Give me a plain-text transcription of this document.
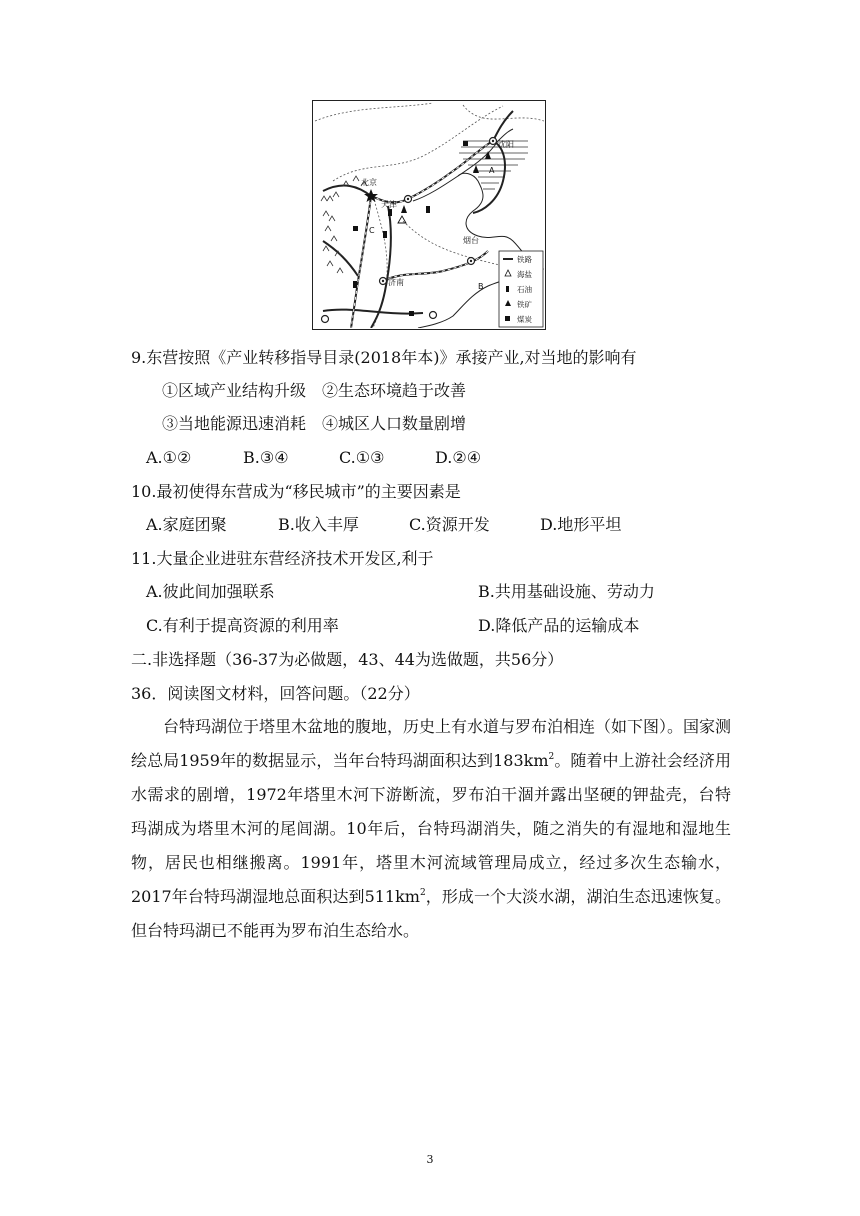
沈阳
北京
天津
烟台
济南
A
B
C
铁路
海盐
石油
铁矿
煤炭
9.东营按照《产业转移指导目录(2018年本)》承接产业,对当地的影响有
①区域产业结构升级　②生态环境趋于改善
③当地能源迅速消耗　④城区人口数量剧增
A.①②	B.③④	C.①③	D.②④
10.最初使得东营成为“移民城市”的主要因素是
A.家庭团聚	B.收入丰厚	C.资源开发	D.地形平坦
11.大量企业进驻东营经济技术开发区,利于
A.彼此间加强联系	B.共用基础设施、劳动力
C.有利于提高资源的利用率	D.降低产品的运输成本
二.非选择题（36-37为必做题，43、44为选做题，共56分）
36．阅读图文材料，回答问题。（22分）
台特玛湖位于塔里木盆地的腹地，历史上有水道与罗布泊相连（如下图）。国家测绘总局1959年的数据显示，当年台特玛湖面积达到$183km^2$。随着中上游社会经济用水需求的剧增，1972年塔里木河下游断流，罗布泊干涸并露出坚硬的钾盐壳，台特玛湖成为塔里木河的尾闾湖。10年后，台特玛湖消失，随之消失的有湿地和湿地生物，居民也相继搬离。1991年，塔里木河流域管理局成立，经过多次生态输水，2017年台特玛湖湿地总面积达到$511km^2$，形成一个大淡水湖，湖泊生态迅速恢复。但台特玛湖已不能再为罗布泊生态给水。
3
